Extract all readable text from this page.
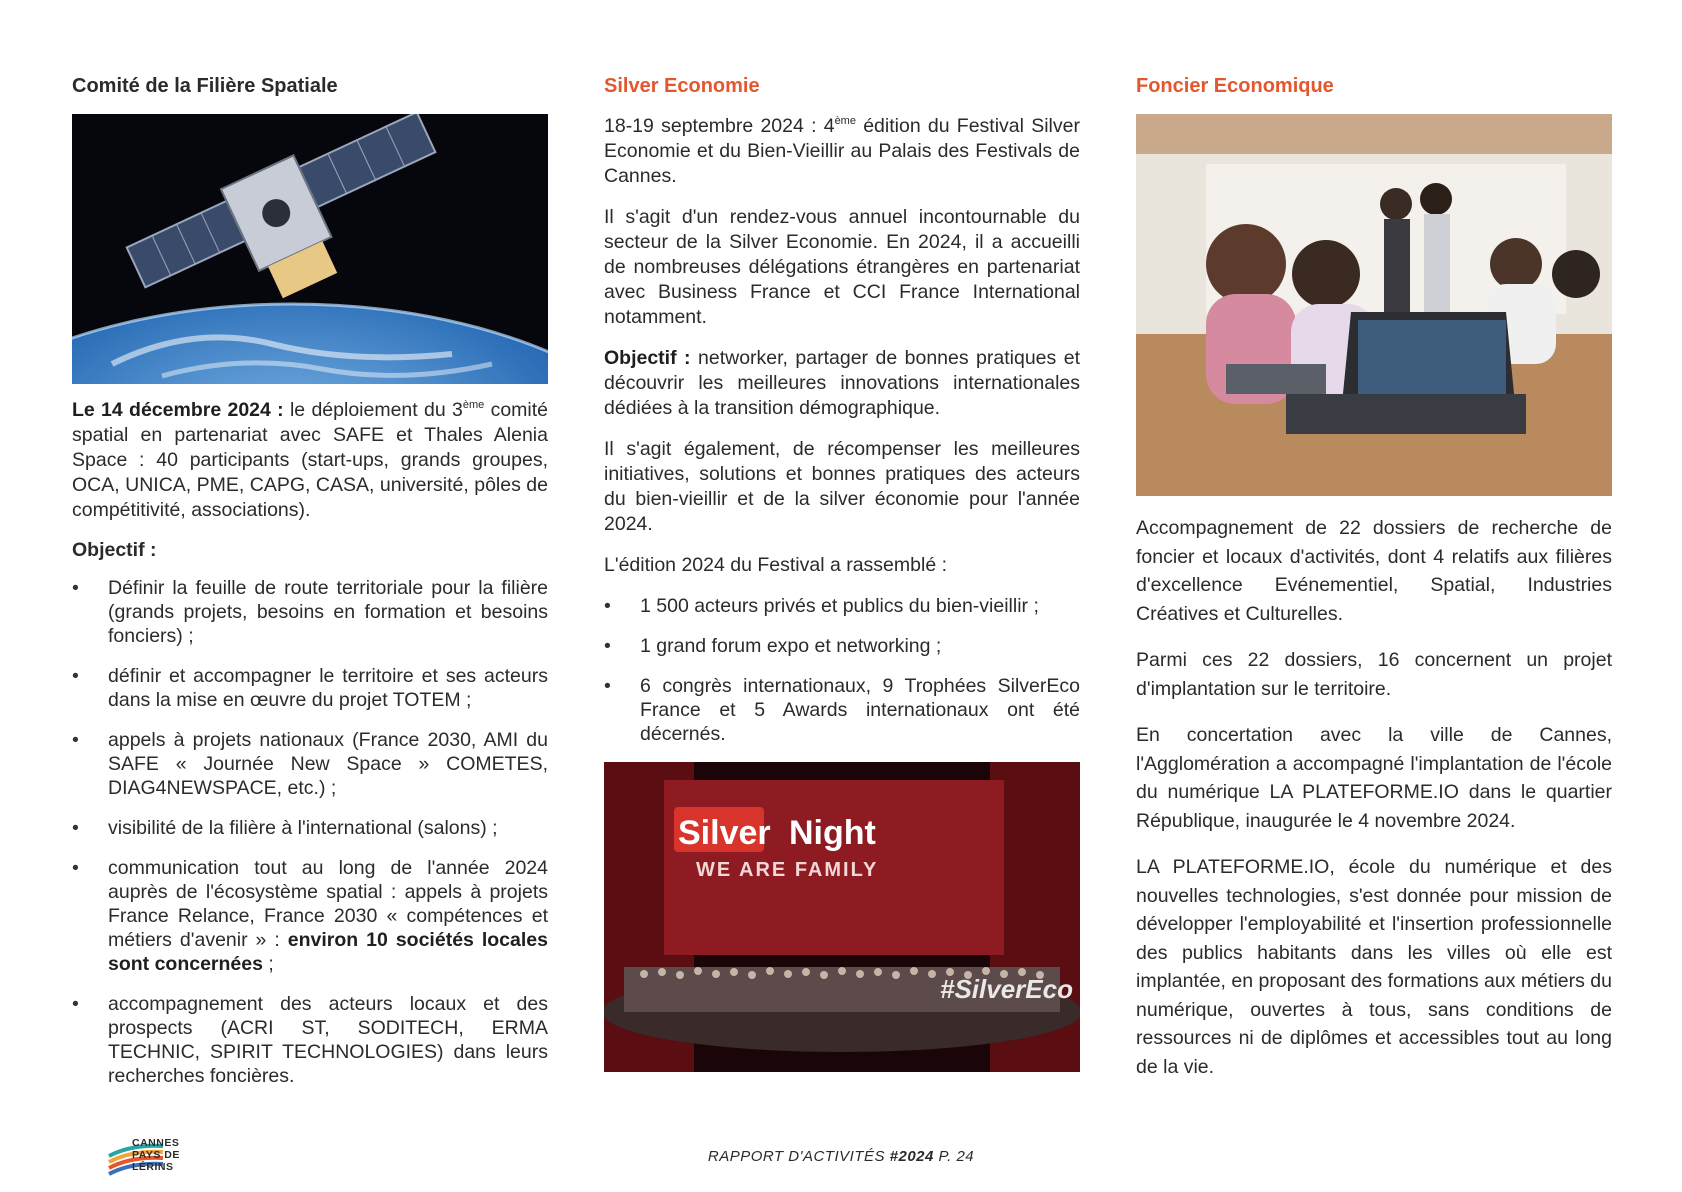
Comité de la Filière Spatiale

Le 14 décembre 2024 : le déploiement du 3ème comité spatial en partenariat avec SAFE et Thales Alenia Space : 40 participants (start-ups, grands groupes, OCA, UNICA, PME, CAPG, CASA, université, pôles de compétitivité, associations).

Objectif :
• Définir la feuille de route territoriale pour la filière (grands projets, besoins en formation et besoins fonciers) ;
• définir et accompagner le territoire et ses acteurs dans la mise en œuvre du projet TOTEM ;
• appels à projets nationaux (France 2030, AMI du SAFE « Journée New Space » COMETES, DIAG4NEWSPACE, etc.) ;
• visibilité de la filière à l'international (salons) ;
• communication tout au long de l'année 2024 auprès de l'écosystème spatial : appels à projets France Relance, France 2030 « compétences et métiers d'avenir » : environ 10 sociétés locales sont concernées ;
• accompagnement des acteurs locaux et des prospects (ACRI ST, SODITECH, ERMA TECHNIC, SPIRIT TECHNOLOGIES) dans leurs recherches foncières.
Silver Economie

18-19 septembre 2024 : 4ème édition du Festival Silver Economie et du Bien-Vieillir au Palais des Festivals de Cannes.

Il s'agit d'un rendez-vous annuel incontournable du secteur de la Silver Economie. En 2024, il a accueilli de nombreuses délégations étrangères en partenariat avec Business France et CCI France International notamment.

Objectif : networker, partager de bonnes pratiques et découvrir les meilleures innovations internationales dédiées à la transition démographique.

Il s'agit également, de récompenser les meilleures initiatives, solutions et bonnes pratiques des acteurs du bien-vieillir et de la silver économie pour l'année 2024.

L'édition 2024 du Festival a rassemblé :

• 1 500 acteurs privés et publics du bien-vieillir ;
• 1 grand forum expo et networking ;
• 6 congrès internationaux, 9 Trophées SilverEco France et 5 Awards internationaux ont été décernés.
Silver Night
WE ARE FAMILY
#SilverEco
Foncier Economique

Accompagnement de 22 dossiers de recherche de foncier et locaux d'activités, dont 4 relatifs aux filières d'excellence Evénementiel, Spatial, Industries Créatives et Culturelles.

Parmi ces 22 dossiers, 16 concernent un projet d'implantation sur le territoire.

En concertation avec la ville de Cannes, l'Agglomération a accompagné l'implantation de l'école du numérique LA PLATEFORME.IO dans le quartier République, inaugurée le 4 novembre 2024.

LA PLATEFORME.IO, école du numérique et des nouvelles technologies, s'est donnée pour mission de développer l'employabilité et l'insertion professionnelle des publics habitants dans les villes où elle est implantée, en proposant des formations aux métiers du numérique, ouvertes à tous, sans conditions de ressources ni de diplômes et accessibles tout au long de la vie.

CANNES
PAYS DE
LÉRINS
RAPPORT D'ACTIVITÉS #2024 P. 24
